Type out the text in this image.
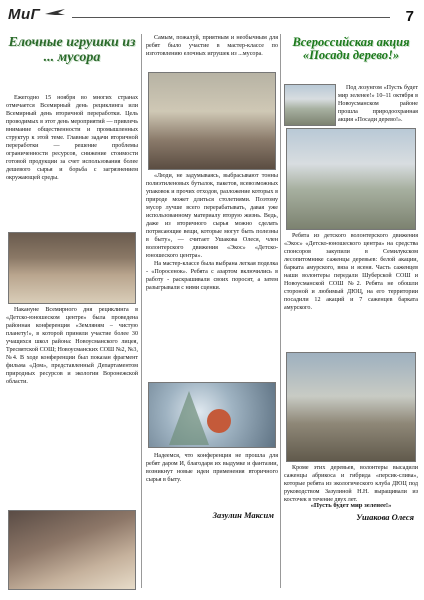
МиГ	7
Елочные игрушки из ... мусора

Ежегодно 15 ноября во многих странах отмечается Всемирный день рециклинга или Всемирный день вторичной переработки. Цель проводимых в этот день мероприятий — привлечь внимание общественности и промышленных структур к этой теме. Главные задачи вторичной переработки — решение проблемы ограниченности ресурсов, снижение стоимости готовой продукции за счет использования более дешевого сырья и борьба с загрязнением окружающей среды.

Накануне Всемирного дня рециклинга в «Детско-юношеском центре» была проведена районная конференция «Земляням – чистую планету!», в которой приняли участие более 30 учащихся школ района: Новоусманского лицея, Тресвятской СОШ; Новоусманских СОШ №2, №3, №4. В ходе конференции был показан фрагмент фильма «Дом», представленный Департаментом природных ресурсов и экологии Воронежской области.

Самым, пожалуй, приятным и необычным для ребят было участие в мастер-классе по изготовлению елочных игрушек из ...мусора.

«Люди, не задумываясь, выбрасывают тонны полиэтиленовых бутылок, пакетов, всевозможных упаковок и прочих отходов, разложение которых в природе может длиться столетиями. Поэтому мусор лучше всего перерабатывать, давая уже использованному материалу вторую жизнь. Ведь, даже из вторичного сырья можно сделать потрясающие вещи, которые могут быть полезны в быту», — считает Ушакова Олеся, член волонтерского движения «Экос» «Детско-юношеского центра».

На мастер-классе была выбрана легкая поделка - «Поросенок». Ребята с азартом включились в работу - раскрашивали своих поросят, а затем разыгрывали с ними сценки.

Надеемся, что конференция не прошла для ребят даром И, благодаря их выдумке и фантазии, возникнут новые идеи применения вторичного сырья в быту.

Зазулин Максим
Всероссийская акция «Посади дерево!»

Под лозунгом «Пусть будет мир зеленее!» 10–11 октября в Новоусманском районе прошла природоохранная акция «Посади дерево!».

Ребята из детского волонтерского движения «Экос» «Детско-юношеского центра» на средства спонсоров закупили в Семилукском лесопитомнике саженцы деревьев: белой акации, барката амурского, вяза и ясеня. Часть саженцев наши волонтеры передали Шуберской СОШ и Новоусманской СОШ №2. Ребята не обошли стороной и любимый ДЮЦ, на его территории посадили 12 акаций и 7 саженцев барката амурского.

Кроме этих деревьев, волонтеры высадили саженцы абрикоса и гибрида «персик-слива», которые ребята из экологического клуба ДЮЦ под руководством Зазулиной Н.Н. выращивали из косточек в течение двух лет.

«Пусть будет мир зеленее!»
Ушакова Олеся
